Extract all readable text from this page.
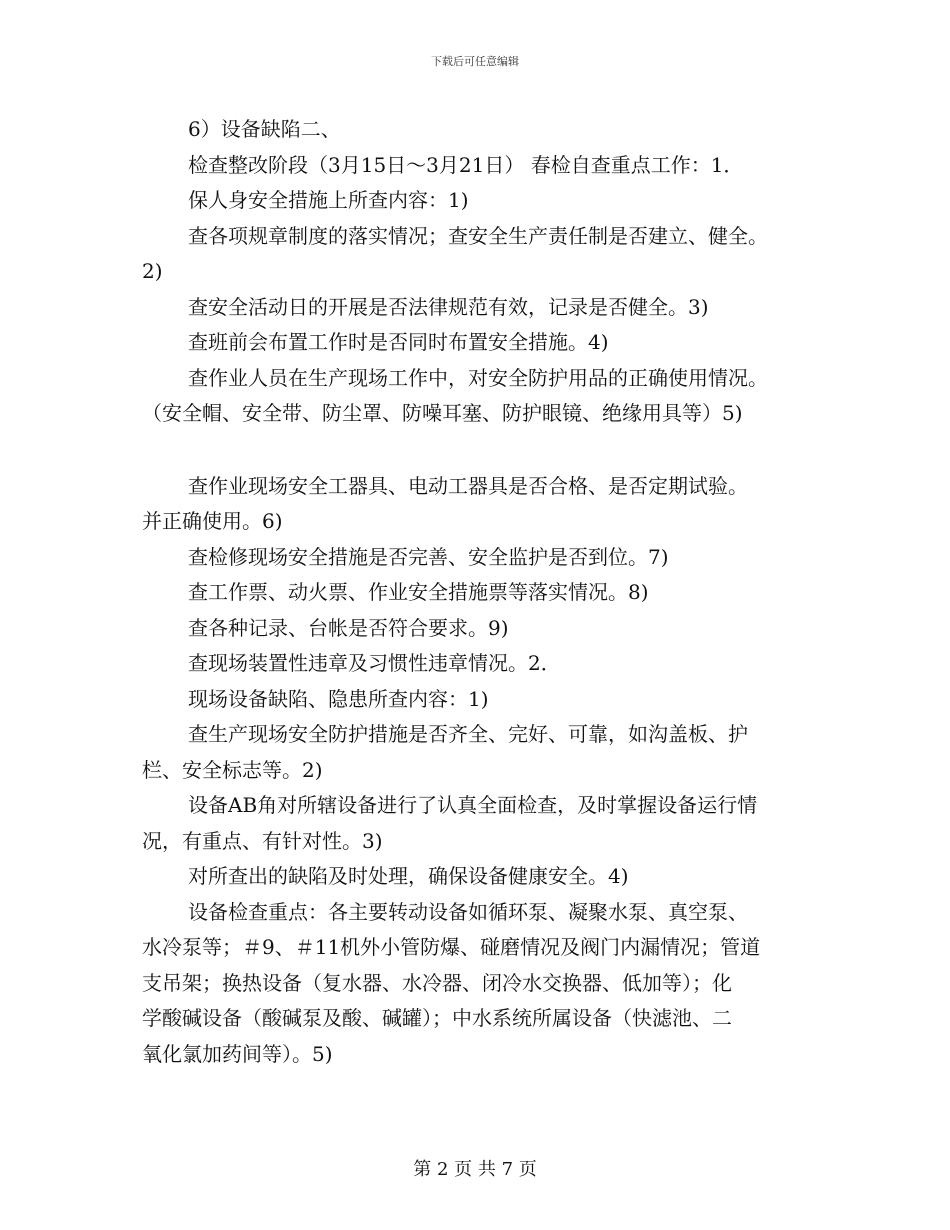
下载后可任意编辑

6）设备缺陷二、

检查整改阶段（3月15日～3月21日） 春检自查重点工作：1．

保人身安全措施上所查内容：1)

查各项规章制度的落实情况；查安全生产责任制是否建立、健全。

2)

查安全活动日的开展是否法律规范有效，记录是否健全。3)

查班前会布置工作时是否同时布置安全措施。4)

查作业人员在生产现场工作中，对安全防护用品的正确使用情况。

（安全帽、安全带、防尘罩、防噪耳塞、防护眼镜、绝缘用具等）5)

查作业现场安全工器具、电动工器具是否合格、是否定期试验。

并正确使用。6)

查检修现场安全措施是否完善、安全监护是否到位。7)

查工作票、动火票、作业安全措施票等落实情况。8)

查各种记录、台帐是否符合要求。9)

查现场装置性违章及习惯性违章情况。2．

现场设备缺陷、隐患所查内容：1)

查生产现场安全防护措施是否齐全、完好、可靠，如沟盖板、护

栏、安全标志等。2)

设备AB角对所辖设备进行了认真全面检查，及时掌握设备运行情

况，有重点、有针对性。3)

对所查出的缺陷及时处理，确保设备健康安全。4)

设备检查重点：各主要转动设备如循环泵、凝聚水泵、真空泵、

水冷泵等；＃9、＃11机外小管防爆、碰磨情况及阀门内漏情况；管道

支吊架；换热设备（复水器、水冷器、闭冷水交换器、低加等）；化

学酸碱设备（酸碱泵及酸、碱罐）；中水系统所属设备（快滤池、二

氧化氯加药间等）。5)

第 2 页 共 7 页
